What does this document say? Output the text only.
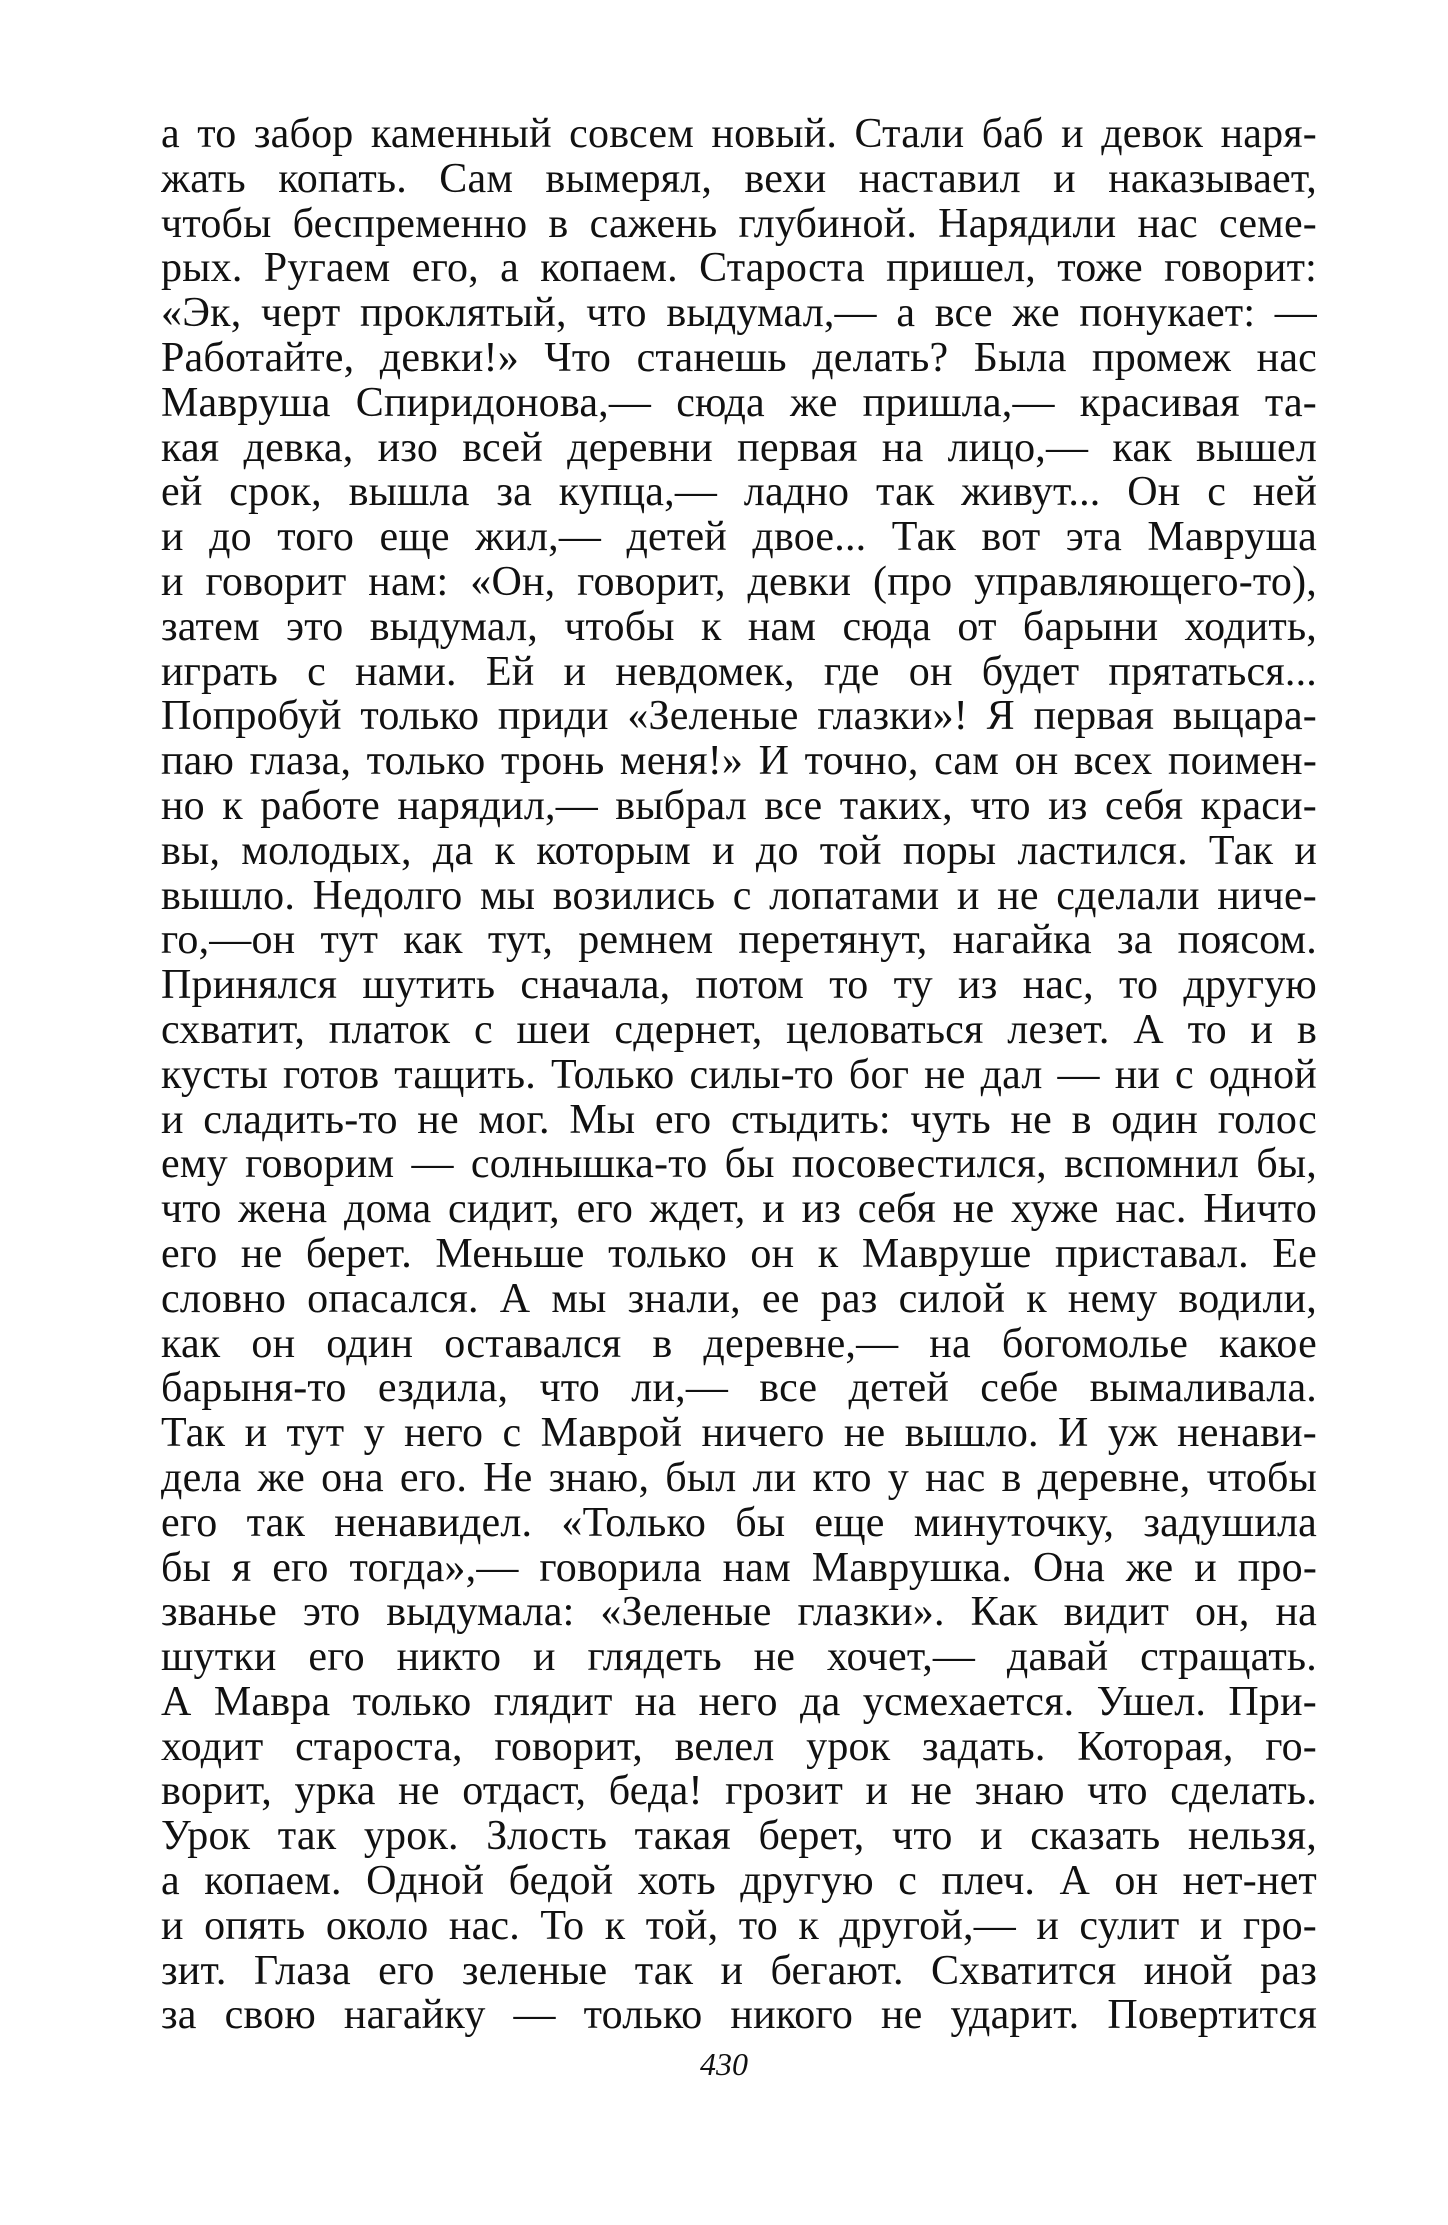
а то забор каменный совсем новый. Стали баб и девок наря-
жать копать. Сам вымерял, вехи наставил и наказывает,
чтобы беспременно в сажень глубиной. Нарядили нас семе-
рых. Ругаем его, а копаем. Староста пришел, тоже говорит:
«Эк, черт проклятый, что выдумал,— а все же понукает: —
Работайте, девки!» Что станешь делать? Была промеж нас
Мавруша Спиридонова,— сюда же пришла,— красивая та-
кая девка, изо всей деревни первая на лицо,— как вышел
ей срок, вышла за купца,— ладно так живут... Он с ней
и до того еще жил,— детей двое... Так вот эта Мавруша
и говорит нам: «Он, говорит, девки (про управляющего-то),
затем это выдумал, чтобы к нам сюда от барыни ходить,
играть с нами. Ей и невдомек, где он будет прятаться...
Попробуй только приди «Зеленые глазки»! Я первая выцара-
паю глаза, только тронь меня!» И точно, сам он всех поимен-
но к работе нарядил,— выбрал все таких, что из себя краси-
вы, молодых, да к которым и до той поры ластился. Так и
вышло. Недолго мы возились с лопатами и не сделали ниче-
го,—он тут как тут, ремнем перетянут, нагайка за поясом.
Принялся шутить сначала, потом то ту из нас, то другую
схватит, платок с шеи сдернет, целоваться лезет. А то и в
кусты готов тащить. Только силы-то бог не дал — ни с одной
и сладить-то не мог. Мы его стыдить: чуть не в один голос
ему говорим — солнышка-то бы посовестился, вспомнил бы,
что жена дома сидит, его ждет, и из себя не хуже нас. Ничто
его не берет. Меньше только он к Мавруше приставал. Ее
словно опасался. А мы знали, ее раз силой к нему водили,
как он один оставался в деревне,— на богомолье какое
барыня-то ездила, что ли,— все детей себе вымаливала.
Так и тут у него с Маврой ничего не вышло. И уж ненави-
дела же она его. Не знаю, был ли кто у нас в деревне, чтобы
его так ненавидел. «Только бы еще минуточку, задушила
бы я его тогда»,— говорила нам Маврушка. Она же и про-
званье это выдумала: «Зеленые глазки». Как видит он, на
шутки его никто и глядеть не хочет,— давай стращать.
А Мавра только глядит на него да усмехается. Ушел. При-
ходит староста, говорит, велел урок задать. Которая, го-
ворит, урка не отдаст, беда! грозит и не знаю что сделать.
Урок так урок. Злость такая берет, что и сказать нельзя,
а копаем. Одной бедой хоть другую с плеч. А он нет-нет
и опять около нас. То к той, то к другой,— и сулит и гро-
зит. Глаза его зеленые так и бегают. Схватится иной раз
за свою нагайку — только никого не ударит. Повертится
430
